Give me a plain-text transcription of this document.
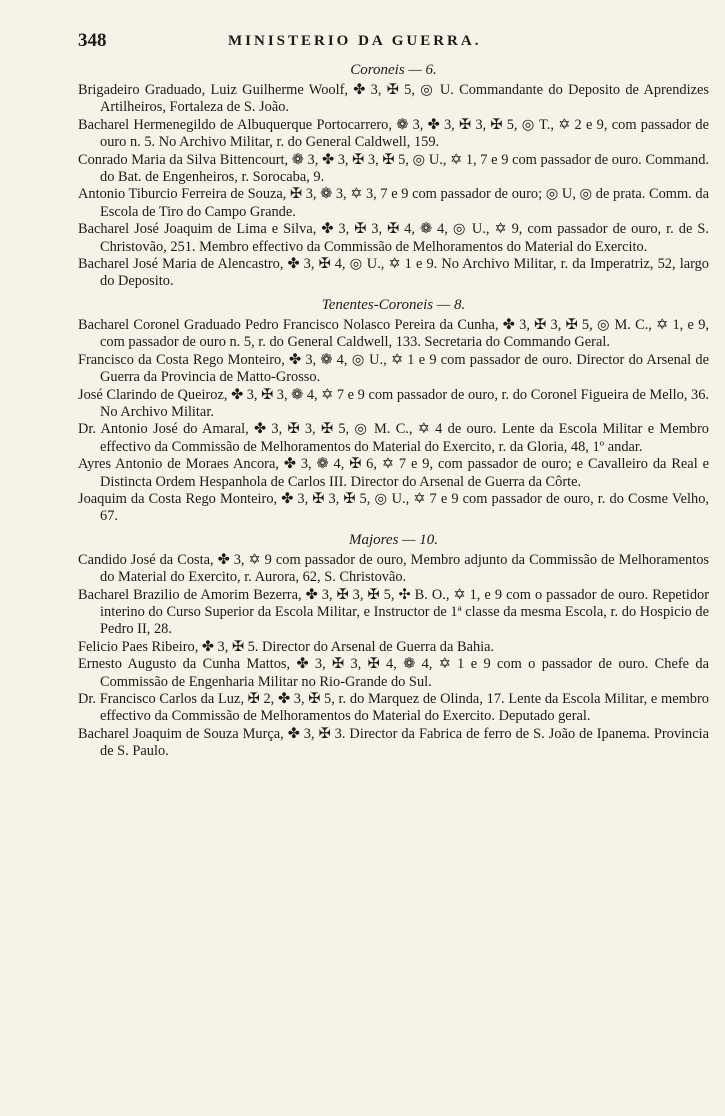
348	MINISTERIO DA GUERRA.
Coroneis — 6.

Brigadeiro Graduado, Luiz Guilherme Woolf, ✤ 3, ✠ 5, ◎ U. Commandante do Deposito de Aprendizes Artilheiros, Fortaleza de S. João.

Bacharel Hermenegildo de Albuquerque Portocarrero, ❁ 3, ✤ 3, ✠ 3, ✠ 5, ◎ T., ✡ 2 e 9, com passador de ouro n. 5. No Archivo Militar, r. do General Caldwell, 159.

Conrado Maria da Silva Bittencourt, ❁ 3, ✤ 3, ✠ 3, ✠ 5, ◎ U., ✡ 1, 7 e 9 com passador de ouro. Command. do Bat. de Engenheiros, r. Sorocaba, 9.

Antonio Tiburcio Ferreira de Souza, ✠ 3, ❁ 3, ✡ 3, 7 e 9 com passador de ouro; ◎ U, ◎ de prata. Comm. da Escola de Tiro do Campo Grande.

Bacharel José Joaquim de Lima e Silva, ✤ 3, ✠ 3, ✠ 4, ❁ 4, ◎ U., ✡ 9, com passador de ouro, r. de S. Christovão, 251. Membro effectivo da Commissão de Melhoramentos do Material do Exercito.

Bacharel José Maria de Alencastro, ✤ 3, ✠ 4, ◎ U., ✡ 1 e 9. No Archivo Militar, r. da Imperatriz, 52, largo do Deposito.

Tenentes-Coroneis — 8.

Bacharel Coronel Graduado Pedro Francisco Nolasco Pereira da Cunha, ✤ 3, ✠ 3, ✠ 5, ◎ M. C., ✡ 1, e 9, com passador de ouro n. 5, r. do General Caldwell, 133. Secretaria do Commando Geral.

Francisco da Costa Rego Monteiro, ✤ 3, ❁ 4, ◎ U., ✡ 1 e 9 com passador de ouro. Director do Arsenal de Guerra da Provincia de Matto-Grosso.

José Clarindo de Queiroz, ✤ 3, ✠ 3, ❁ 4, ✡ 7 e 9 com passador de ouro, r. do Coronel Figueira de Mello, 36. No Archivo Militar.

Dr. Antonio José do Amaral, ✤ 3, ✠ 3, ✠ 5, ◎ M. C., ✡ 4 de ouro. Lente da Escola Militar e Membro effectivo da Commissão de Melhoramentos do Material do Exercito, r. da Gloria, 48, 1º andar.

Ayres Antonio de Moraes Ancora, ✤ 3, ❁ 4, ✠ 6, ✡ 7 e 9, com passador de ouro; e Cavalleiro da Real e Distincta Ordem Hespanhola de Carlos III. Director do Arsenal de Guerra da Côrte.

Joaquim da Costa Rego Monteiro, ✤ 3, ✠ 3, ✠ 5, ◎ U., ✡ 7 e 9 com passador de ouro, r. do Cosme Velho, 67.

Majores — 10.

Candido José da Costa, ✤ 3, ✡ 9 com passador de ouro, Membro adjunto da Commissão de Melhoramentos do Material do Exercito, r. Aurora, 62, S. Christovão.

Bacharel Brazilio de Amorim Bezerra, ✤ 3, ✠ 3, ✠ 5, ✣ B. O., ✡ 1, e 9 com o passador de ouro. Repetidor interino do Curso Superior da Escola Militar, e Instructor de 1ª classe da mesma Escola, r. do Hospicio de Pedro II, 28.

Felicio Paes Ribeiro, ✤ 3, ✠ 5. Director do Arsenal de Guerra da Bahia.

Ernesto Augusto da Cunha Mattos, ✤ 3, ✠ 3, ✠ 4, ❁ 4, ✡ 1 e 9 com o passador de ouro. Chefe da Commissão de Engenharia Militar no Rio-Grande do Sul.

Dr. Francisco Carlos da Luz, ✠ 2, ✤ 3, ✠ 5, r. do Marquez de Olinda, 17. Lente da Escola Militar, e membro effectivo da Commissão de Melhoramentos do Material do Exercito. Deputado geral.

Bacharel Joaquim de Souza Murça, ✤ 3, ✠ 3. Director da Fabrica de ferro de S. João de Ipanema. Provincia de S. Paulo.
